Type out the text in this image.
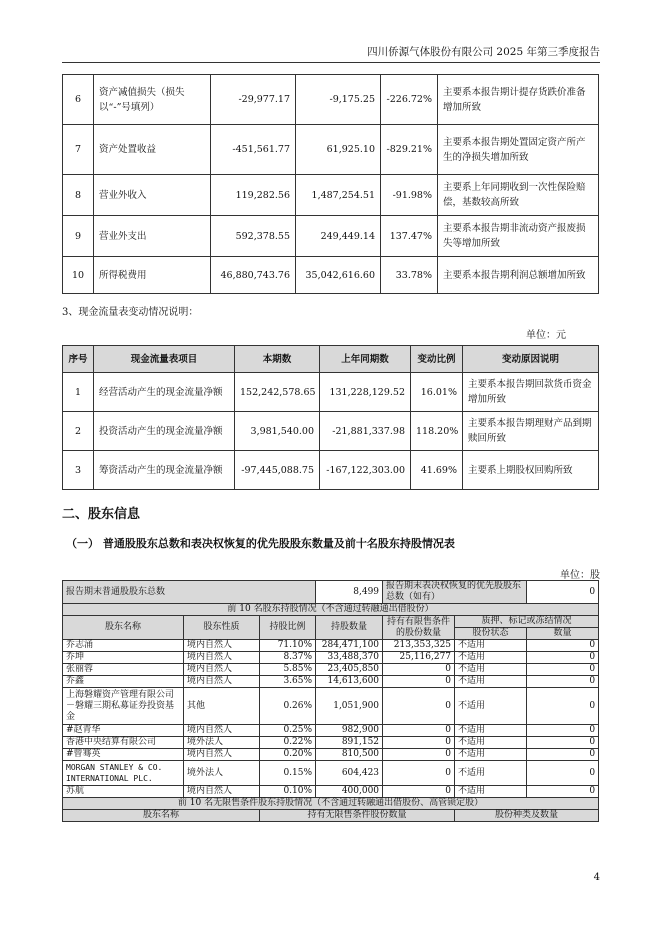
四川侨源气体股份有限公司 2025 年第三季度报告
6	资产减值损失（损失以“-”号填列）	-29,977.17	-9,175.25	-226.72%	主要系本报告期计提存货跌价准备增加所致
7	资产处置收益	-451,561.77	61,925.10	-829.21%	主要系本报告期处置固定资产所产生的净损失增加所致
8	营业外收入	119,282.56	1,487,254.51	-91.98%	主要系上年同期收到一次性保险赔偿，基数较高所致
9	营业外支出	592,378.55	249,449.14	137.47%	主要系本报告期非流动资产报废损失等增加所致
10	所得税费用	46,880,743.76	35,042,616.60	33.78%	主要系本报告期利润总额增加所致
3、现金流量表变动情况说明：
单位：元
序号	现金流量表项目	本期数	上年同期数	变动比例	变动原因说明
1	经营活动产生的现金流量净额	152,242,578.65	131,228,129.52	16.01%	主要系本报告期回款货币资金增加所致
2	投资活动产生的现金流量净额	3,981,540.00	-21,881,337.98	118.20%	主要系本报告期理财产品到期赎回所致
3	筹资活动产生的现金流量净额	-97,445,088.75	-167,122,303.00	41.69%	主要系上期股权回购所致
二、股东信息
（一） 普通股股东总数和表决权恢复的优先股股东数量及前十名股东持股情况表
单位：股
报告期末普通股股东总数			8,499	报告期末表决权恢复的优先股股东总数（如有）		0
前 10 名股东持股情况（不含通过转融通出借股份）						
股东名称	股东性质	持股比例	持股数量	持有有限售条件的股份数量	质押、标记或冻结情况	
					股份状态	数量
乔志涌	境内自然人	71.10%	284,471,100	213,353,325	不适用	0
乔坤	境内自然人	8.37%	33,488,370	25,116,277	不适用	0
张丽蓉	境内自然人	5.85%	23,405,850	0	不适用	0
乔鑫	境内自然人	3.65%	14,613,600	0	不适用	0
上海磐耀资产管理有限公司－磐耀三期私募证券投资基金	其他	0.26%	1,051,900	0	不适用	0
#赵青华	境内自然人	0.25%	982,900	0	不适用	0
香港中央结算有限公司	境外法人	0.22%	891,152	0	不适用	0
#曾骞英	境内自然人	0.20%	810,500	0	不适用	0
MORGAN STANLEY & CO. INTERNATIONAL PLC.	境外法人	0.15%	604,423	0	不适用	0
苏航	境内自然人	0.10%	400,000	0	不适用	0
前 10 名无限售条件股东持股情况（不含通过转融通出借股份、高管锁定股）						
股东名称		持有无限售条件股份数量			股份种类及数量	
4
